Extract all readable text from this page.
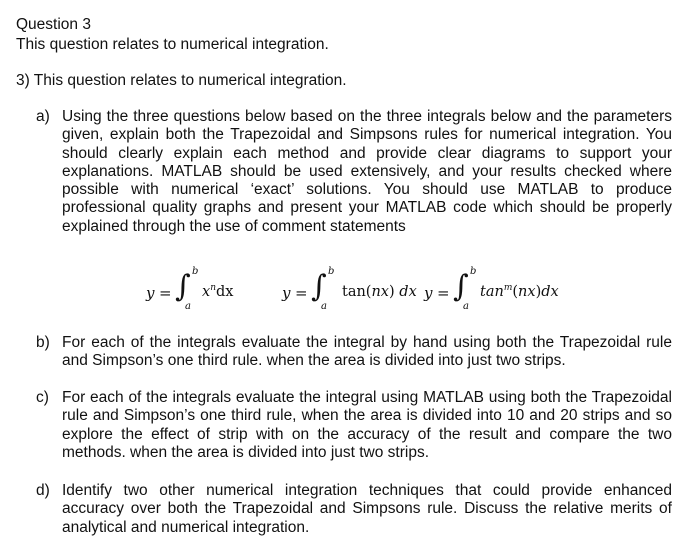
Question 3
This question relates to numerical integration.
3) This question relates to numerical integration.
a) Using the three questions below based on the three integrals below and the parameters given, explain both the Trapezoidal and Simpsons rules for numerical integration. You should clearly explain each method and provide clear diagrams to support your explanations. MATLAB should be used extensively, and your results checked where possible with numerical ‘exact’ solutions. You should use MATLAB to produce professional quality graphs and present your MATLAB code which should be properly explained through the use of comment statements
y = ∫ b
a
$x^ndx$	y = ∫ b
a
tan(nx) dx y = ∫ b
a
$\tan^m(nx)dx$
b) For each of the integrals evaluate the integral by hand using both the Trapezoidal rule and Simpson’s one third rule. when the area is divided into just two strips.
c) For each of the integrals evaluate the integral using MATLAB using both the Trapezoidal rule and Simpson’s one third rule, when the area is divided into 10 and 20 strips and so explore the effect of strip with on the accuracy of the result and compare the two methods. when the area is divided into just two strips.
d) Identify two other numerical integration techniques that could provide enhanced accuracy over both the Trapezoidal and Simpsons rule. Discuss the relative merits of analytical and numerical integration.
